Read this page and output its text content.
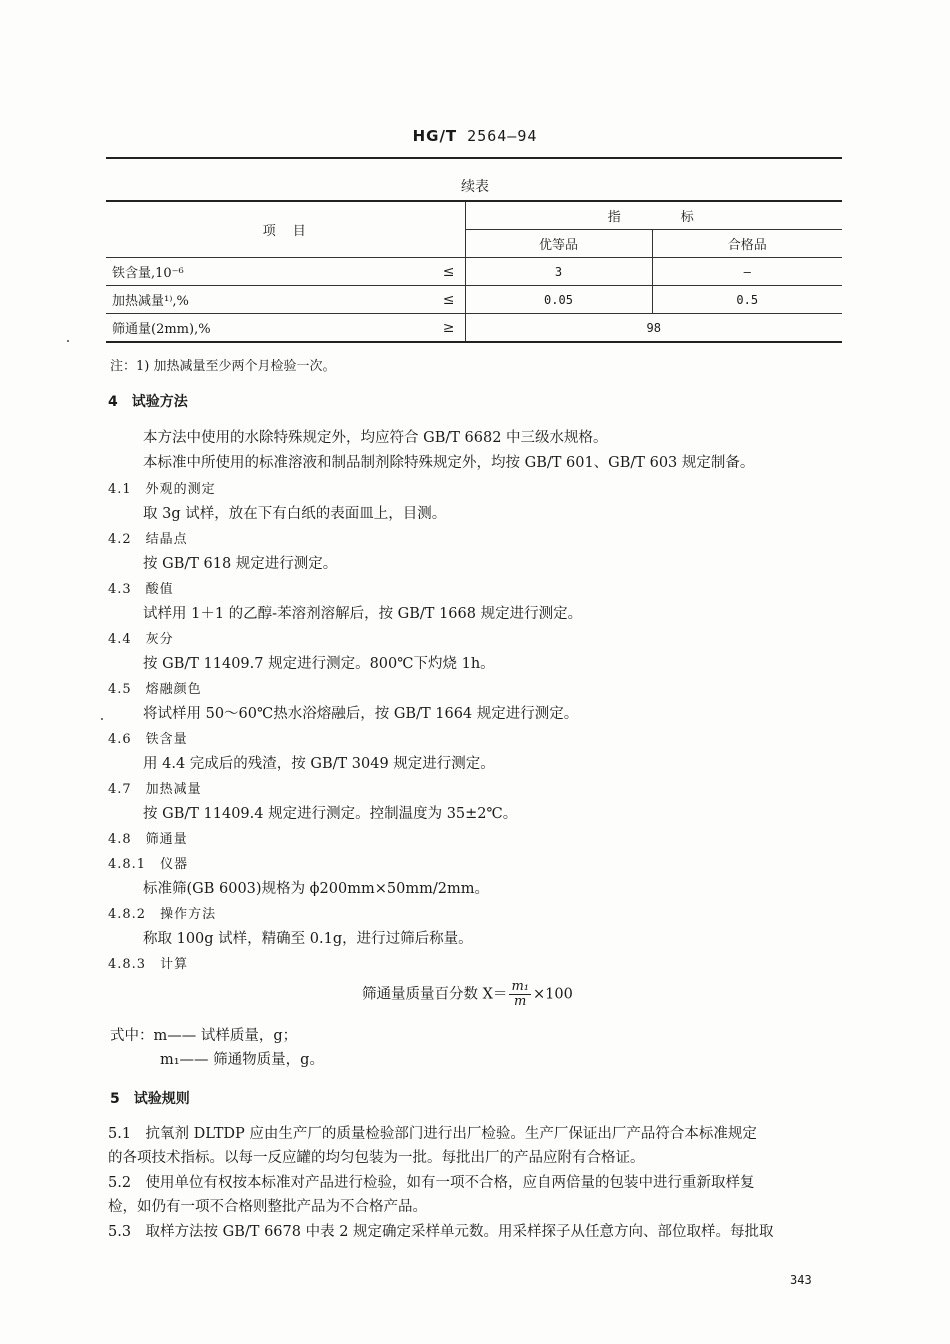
HG/T 2564—94
续表
项　目	指标	
	优等品	合格品
铁含量,10⁻⁶ ≤	3	—
加热减量¹⁾,% ≤	0.05	0.5
筛通量(2mm),% ≥	98	
注：1) 加热减量至少两个月检验一次。
4　试验方法
本方法中使用的水除特殊规定外，均应符合 GB/T 6682 中三级水规格。
本标准中所使用的标准溶液和制品制剂除特殊规定外，均按 GB/T 601、GB/T 603 规定制备。
4.1　外观的测定
取 3g 试样，放在下有白纸的表面皿上，目测。
4.2　结晶点
按 GB/T 618 规定进行测定。
4.3　酸值
试样用 1＋1 的乙醇-苯溶剂溶解后，按 GB/T 1668 规定进行测定。
4.4　灰分
按 GB/T 11409.7 规定进行测定。800℃下灼烧 1h。
4.5　熔融颜色
将试样用 50～60℃热水浴熔融后，按 GB/T 1664 规定进行测定。
4.6　铁含量
用 4.4 完成后的残渣，按 GB/T 3049 规定进行测定。
4.7　加热减量
按 GB/T 11409.4 规定进行测定。控制温度为 35±2℃。
4.8　筛通量
4.8.1　仪器
标准筛(GB 6003)规格为 ϕ200mm×50mm/2mm。
4.8.2　操作方法
称取 100g 试样，精确至 0.1g，进行过筛后称量。
4.8.3　计算
筛通量质量百分数 $X= \frac{\text{m₁}}{m} \times 100$
式中：m—— 试样质量，g；
m₁—— 筛通物质量，g。
5　试验规则
5.1　抗氧剂 DLTDP 应由生产厂的质量检验部门进行出厂检验。生产厂保证出厂产品符合本标准规定
的各项技术指标。以每一反应罐的均匀包装为一批。每批出厂的产品应附有合格证。
5.2　使用单位有权按本标准对产品进行检验，如有一项不合格，应自两倍量的包装中进行重新取样复
检，如仍有一项不合格则整批产品为不合格产品。
5.3　取样方法按 GB/T 6678 中表 2 规定确定采样单元数。用采样探子从任意方向、部位取样。每批取
343
